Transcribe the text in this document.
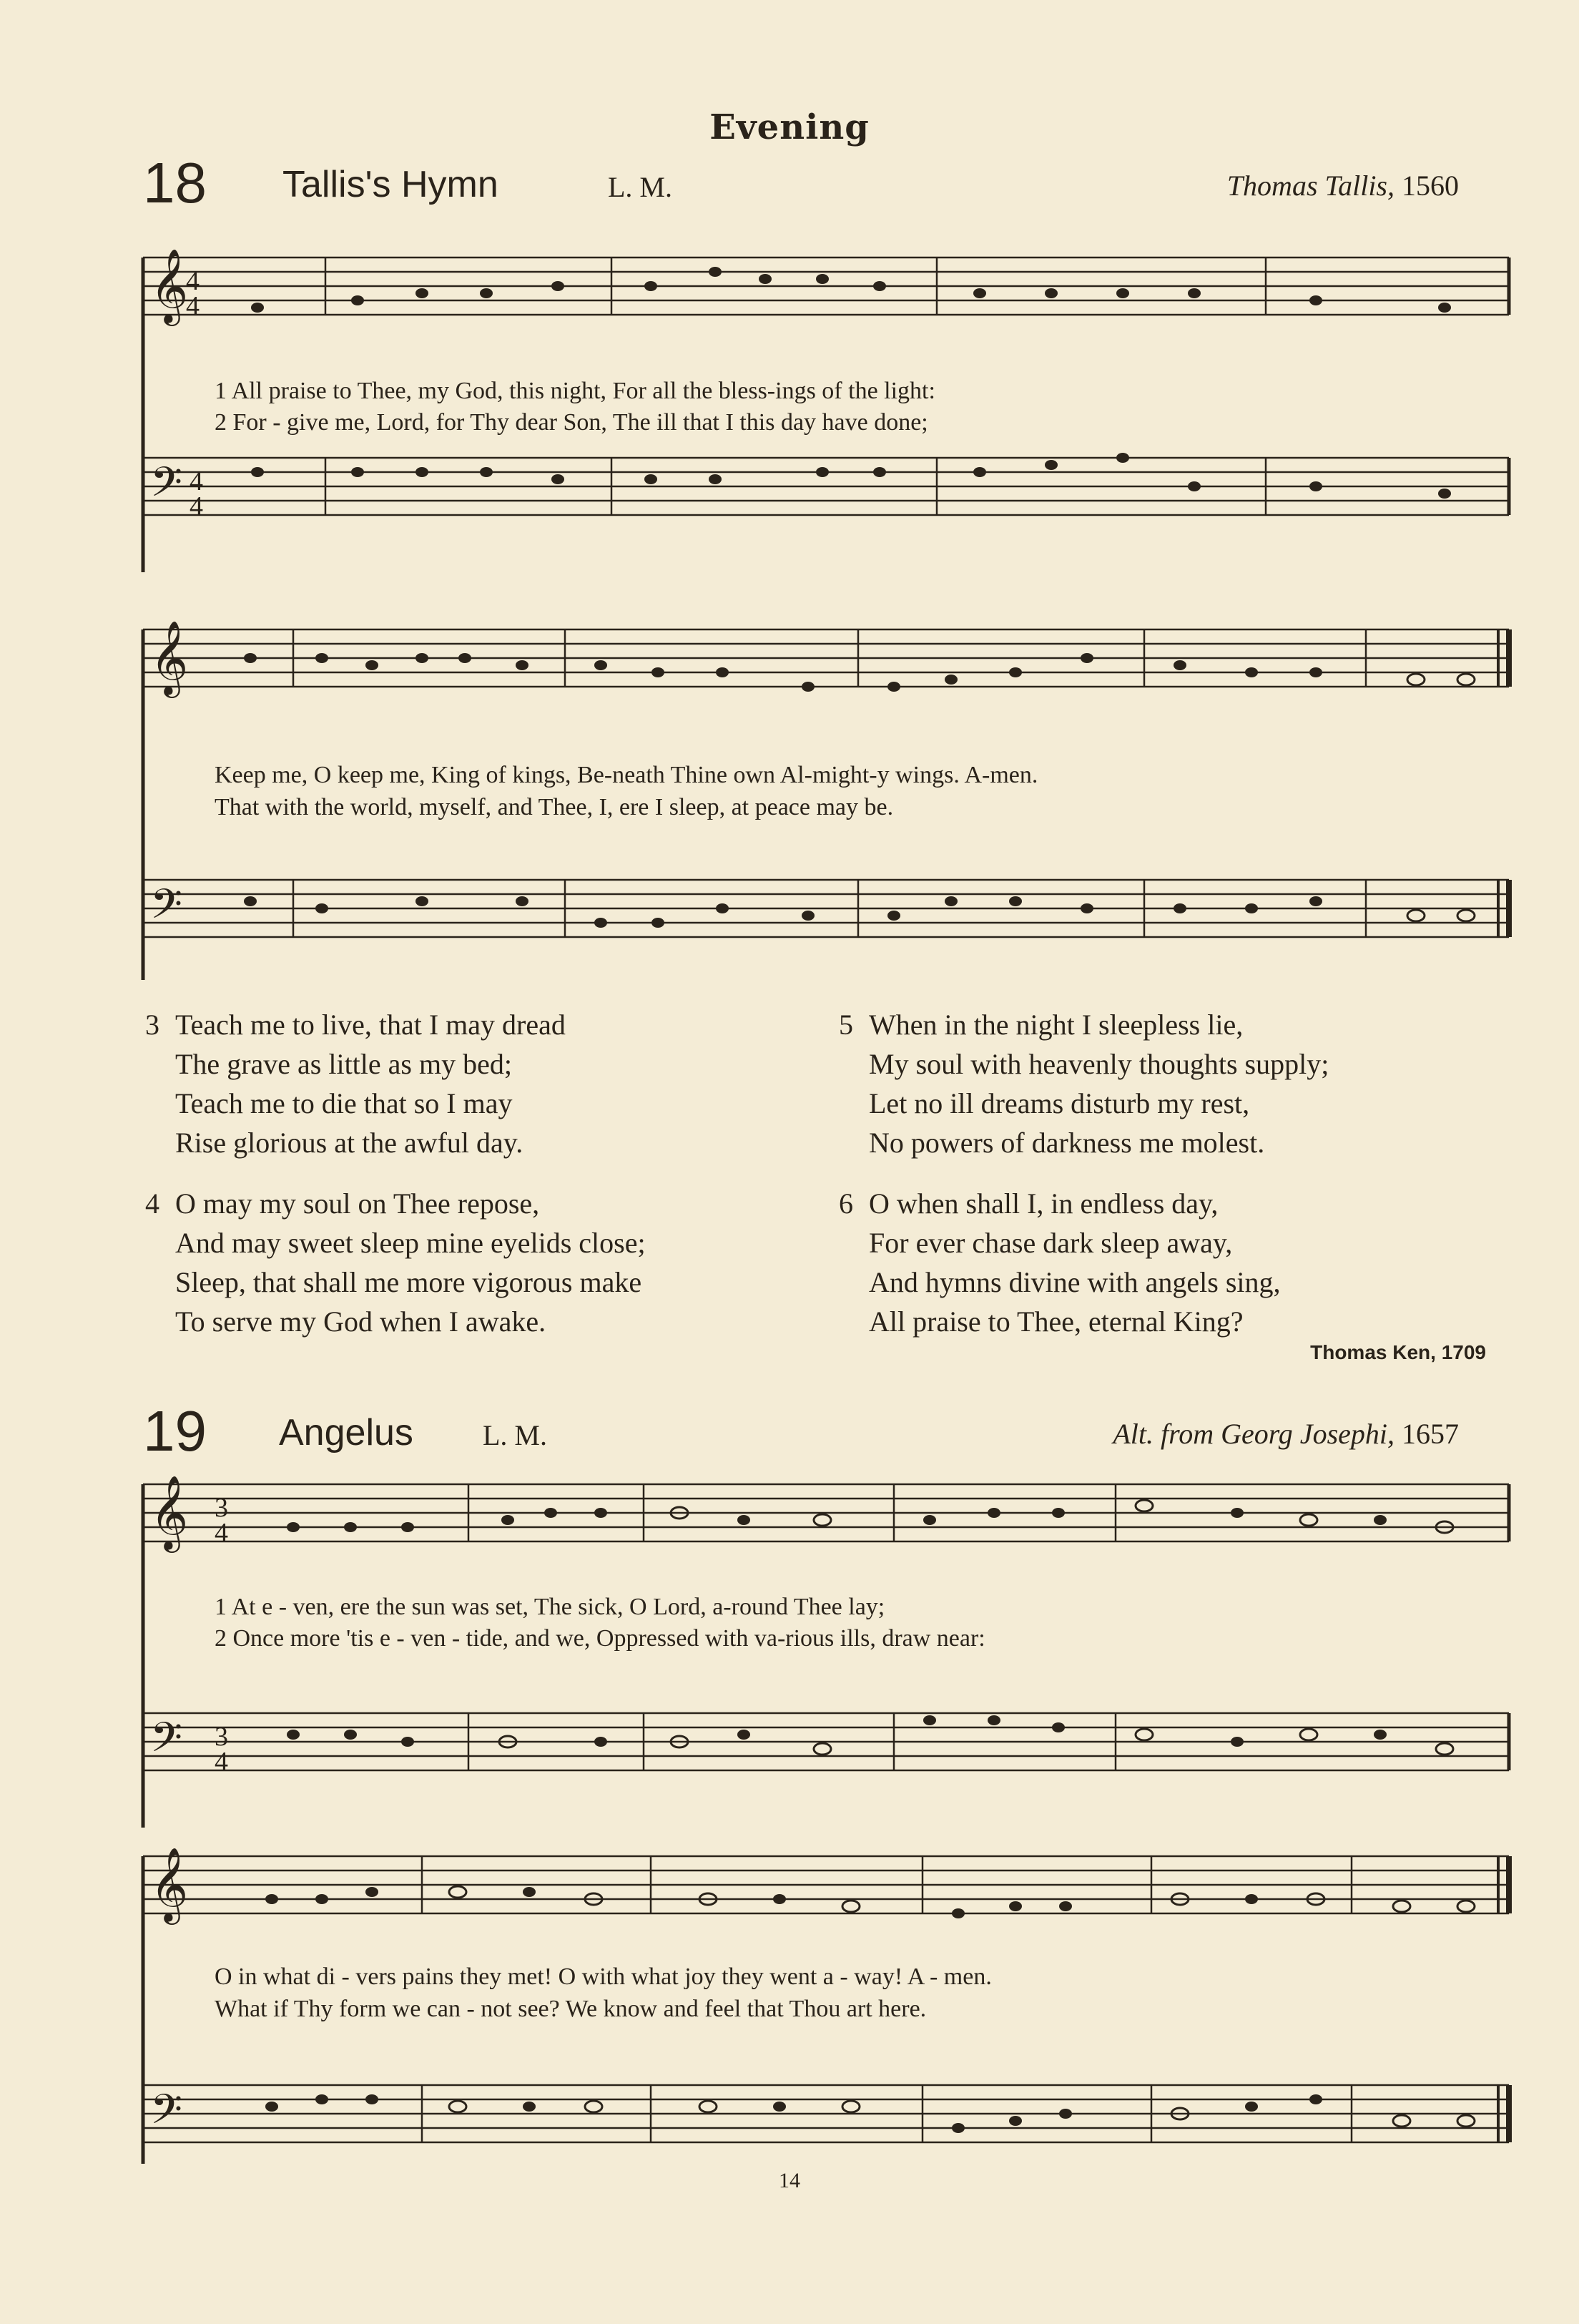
Evening
18 Tallis's Hymn	L. M.	Thomas Tallis, 1560
𝄞
4
4
𝄢 4
4
1 All praise to Thee, my God, this night, For all the bless-ings of the light:
2 For - give me, Lord, for Thy dear Son, The ill that I this day have done;
𝄞
𝄢
Keep me, O keep me, King of kings, Be-neath Thine own Al-might-y wings. A-men.
That with the world, myself, and Thee, I, ere I sleep, at peace may be.
3 Teach me to live, that I may dread
The grave as little as my bed;
Teach me to die that so I may
Rise glorious at the awful day.
4 O may my soul on Thee repose,
And may sweet sleep mine eyelids close;
Sleep, that shall me more vigorous make
To serve my God when I awake.
5 When in the night I sleepless lie,
My soul with heavenly thoughts supply;
Let no ill dreams disturb my rest,
No powers of darkness me molest.
6 O when shall I, in endless day,
For ever chase dark sleep away,
And hymns divine with angels sing,
All praise to Thee, eternal King?
Thomas Ken, 1709
19 Angelus L. M.	Alt. from Georg Josephi, 1657
𝄞 3
4
𝄢 3
4
1 At e - ven, ere the sun was set, The sick, O Lord, a-round Thee lay;
2 Once more 'tis e - ven - tide, and we, Oppressed with va-rious ills, draw near:
𝄞
𝄢
O in what di - vers pains they met! O with what joy they went a - way! A - men.
What if Thy form we can - not see? We know and feel that Thou art here.
14
